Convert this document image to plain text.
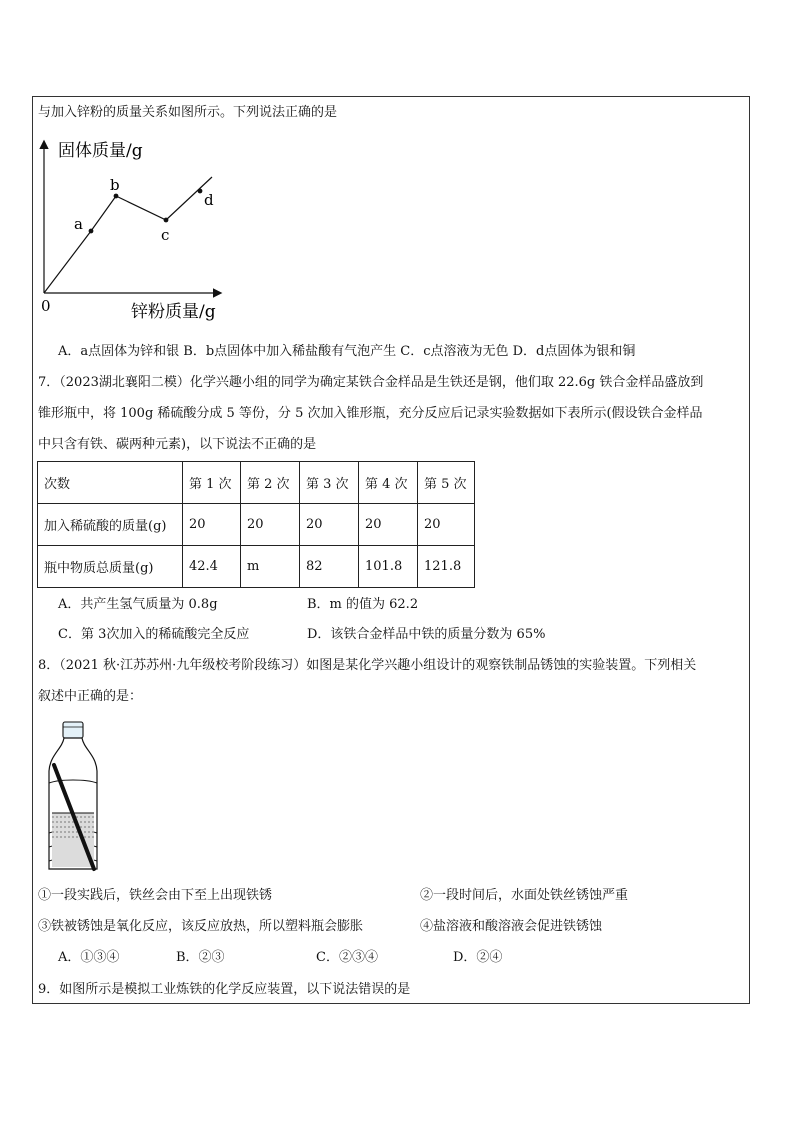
与加入锌粉的质量关系如图所示。下列说法正确的是
固体质量/g
锌粉质量/g
0
a
b
c
d
A．a点固体为锌和银 B．b点固体中加入稀盐酸有气泡产生 C．c点溶液为无色 D．d点固体为银和铜
7．（2023湖北襄阳二模）化学兴趣小组的同学为确定某铁合金样品是生铁还是钢，他们取 22.6g 铁合金样品盛放到
锥形瓶中，将 100g 稀硫酸分成 5 等份，分 5 次加入锥形瓶，充分反应后记录实验数据如下表所示(假设铁合金样品
中只含有铁、碳两种元素)，以下说法不正确的是
次数	第 1 次	第 2 次	第 3 次	第 4 次	第 5 次
加入稀硫酸的质量(g)	20	20	20	20	20
瓶中物质总质量(g)	42.4	m	82	101.8	121.8
A．共产生氢气质量为 0.8g	B．m 的值为 62.2
C．第 3次加入的稀硫酸完全反应	D．该铁合金样品中铁的质量分数为 65%
8．（2021 秋·江苏苏州·九年级校考阶段练习）如图是某化学兴趣小组设计的观察铁制品锈蚀的实验装置。下列相关
叙述中正确的是：
①一段实践后，铁丝会由下至上出现铁锈	②一段时间后，水面处铁丝锈蚀严重
③铁被锈蚀是氧化反应，该反应放热，所以塑料瓶会膨胀	④盐溶液和酸溶液会促进铁锈蚀
A．①③④	B．②③	C．②③④	D．②④
9．如图所示是模拟工业炼铁的化学反应装置，以下说法错误的是
